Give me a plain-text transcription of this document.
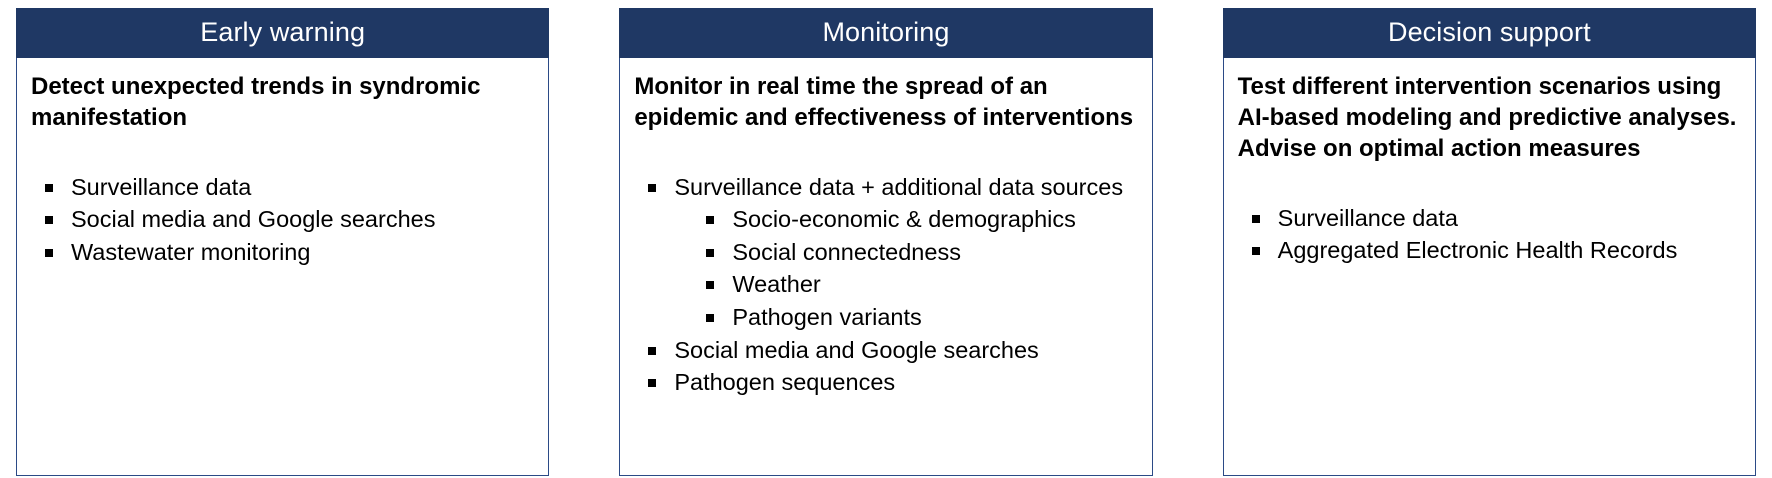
Early warning

Detect unexpected trends in syndromic manifestation

Surveillance data
Social media and Google searches
Wastewater monitoring
Monitoring

Monitor in real time the spread of an epidemic and effectiveness of interventions

Surveillance data + additional data sources
Socio-economic & demographics
Social connectedness
Weather
Pathogen variants
Social media and Google searches
Pathogen sequences
Decision support

Test different intervention scenarios using AI-based modeling and predictive analyses. Advise on optimal action measures

Surveillance data
Aggregated Electronic Health Records
